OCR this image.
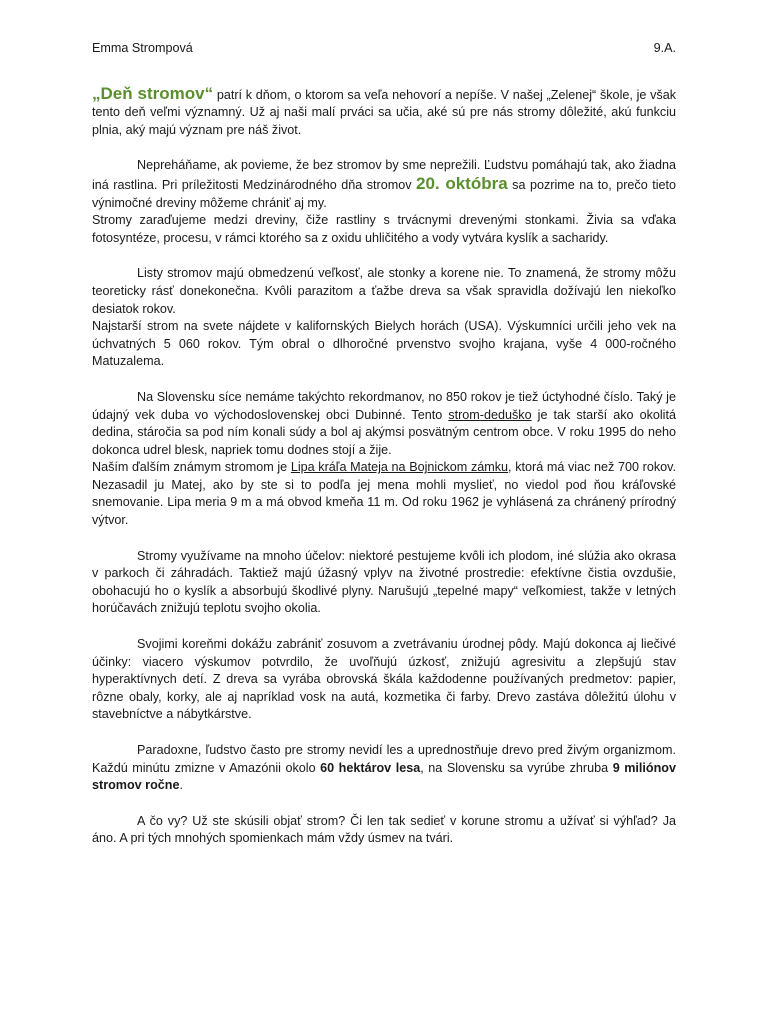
Emma Strompová	9.A.

„Deň stromov“ patrí k dňom, o ktorom sa veľa nehovorí a nepíše. V našej „Zelenej“ škole, je však tento deň veľmi významný. Už aj naši malí prváci sa učia, aké sú pre nás stromy dôležité, akú funkciu plnia, aký majú význam pre náš život.

Nepreháňame, ak povieme, že bez stromov by sme neprežili. Ľudstvu pomáhajú tak, ako žiadna iná rastlina. Pri príležitosti Medzinárodného dňa stromov 20. októbra sa pozrime na to, prečo tieto výnimočné dreviny môžeme chrániť aj my.

Stromy zaraďujeme medzi dreviny, čiže rastliny s trvácnymi drevenými stonkami. Živia sa vďaka fotosyntéze, procesu, v rámci ktorého sa z oxidu uhličitého a vody vytvára kyslík a sacharidy.

Listy stromov majú obmedzenú veľkosť, ale stonky a korene nie. To znamená, že stromy môžu teoreticky rásť donekonečna. Kvôli parazitom a ťažbe dreva sa však spravidla dožívajú len niekoľko desiatok rokov.

Najstarší strom na svete nájdete v kalifornských Bielych horách (USA). Výskumníci určili jeho vek na úchvatných 5 060 rokov. Tým obral o dlhoročné prvenstvo svojho krajana, vyše 4 000-ročného Matuzalema.

Na Slovensku síce nemáme takýchto rekordmanov, no 850 rokov je tiež úctyhodné číslo. Taký je údajný vek duba vo východoslovenskej obci Dubinné. Tento strom-deduško je tak starší ako okolitá dedina, stáročia sa pod ním konali súdy a bol aj akýmsi posvätným centrom obce. V roku 1995 do neho dokonca udrel blesk, napriek tomu dodnes stojí a žije.

Naším ďalším známym stromom je Lipa kráľa Mateja na Bojnickom zámku, ktorá má viac než 700 rokov. Nezasadil ju Matej, ako by ste si to podľa jej mena mohli myslieť, no viedol pod ňou kráľovské snemovanie. Lipa meria 9 m a má obvod kmeňa 11 m. Od roku 1962 je vyhlásená za chránený prírodný výtvor.

Stromy využívame na mnoho účelov: niektoré pestujeme kvôli ich plodom, iné slúžia ako okrasa v parkoch či záhradách. Taktiež majú úžasný vplyv na životné prostredie: efektívne čistia ovzdušie, obohacujú ho o kyslík a absorbujú škodlivé plyny. Narušujú „tepelné mapy“ veľkomiest, takže v letných horúčavách znižujú teplotu svojho okolia.

Svojimi koreňmi dokážu zabrániť zosuvom a zvetrávaniu úrodnej pôdy. Majú dokonca aj liečivé účinky: viacero výskumov potvrdilo, že uvoľňujú úzkosť, znižujú agresivitu a zlepšujú stav hyperaktívnych detí. Z dreva sa vyrába obrovská škála každodenne používaných predmetov: papier, rôzne obaly, korky, ale aj napríklad vosk na autá, kozmetika či farby. Drevo zastáva dôležitú úlohu v stavebníctve a nábytkárstve.

Paradoxne, ľudstvo často pre stromy nevidí les a uprednostňuje drevo pred živým organizmom. Každú minútu zmizne v Amazónii okolo 60 hektárov lesa, na Slovensku sa vyrúbe zhruba 9 miliónov stromov ročne.

A čo vy? Už ste skúsili objať strom? Či len tak sedieť v korune stromu a užívať si výhľad? Ja áno. A pri tých mnohých spomienkach mám vždy úsmev na tvári.
